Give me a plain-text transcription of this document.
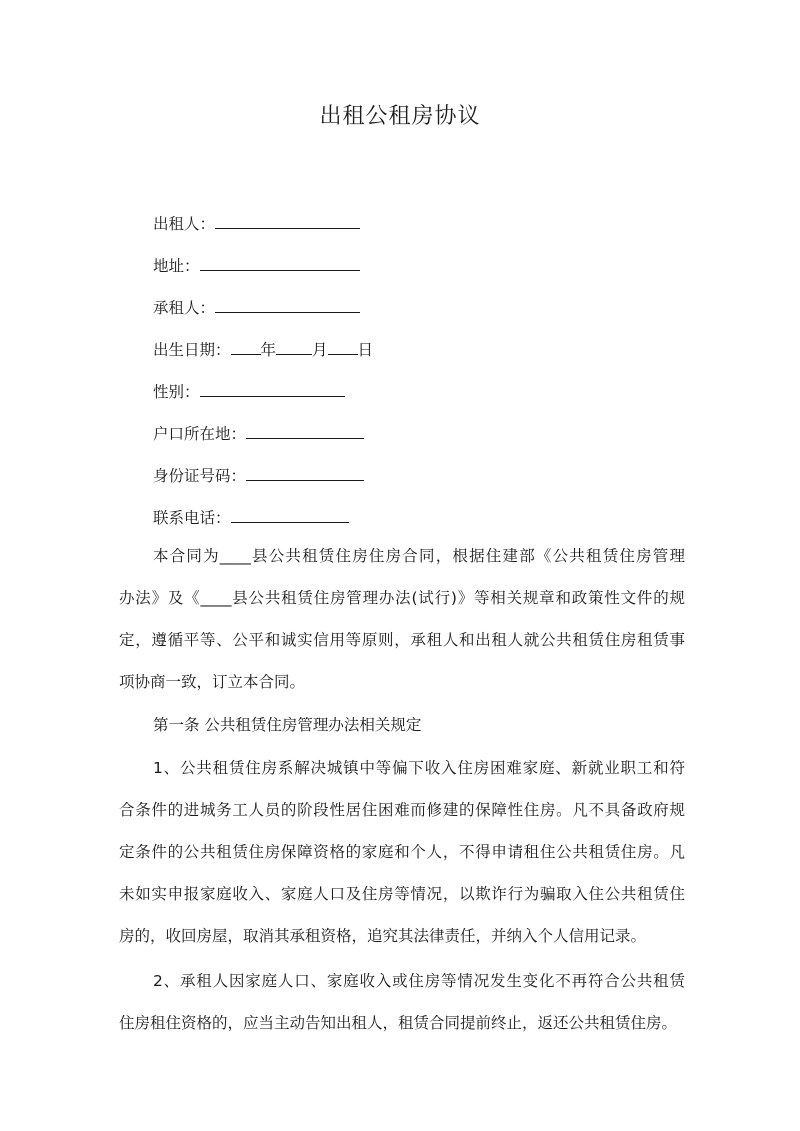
出租公租房协议
出租人：
地址：
承租人：
出生日期： 年 月 日
性别：
户口所在地：
身份证号码：
联系电话：
本合同为____县公共租赁住房住房合同，根据住建部《公共租赁住房管理
办法》及《____县公共租赁住房管理办法(试行)》等相关规章和政策性文件的规
定，遵循平等、公平和诚实信用等原则，承租人和出租人就公共租赁住房租赁事
项协商一致，订立本合同。
第一条 公共租赁住房管理办法相关规定
1、公共租赁住房系解决城镇中等偏下收入住房困难家庭、新就业职工和符
合条件的进城务工人员的阶段性居住困难而修建的保障性住房。凡不具备政府规
定条件的公共租赁住房保障资格的家庭和个人，不得申请租住公共租赁住房。凡
未如实申报家庭收入、家庭人口及住房等情况，以欺诈行为骗取入住公共租赁住
房的，收回房屋，取消其承租资格，追究其法律责任，并纳入个人信用记录。
2、承租人因家庭人口、家庭收入或住房等情况发生变化不再符合公共租赁
住房租住资格的，应当主动告知出租人，租赁合同提前终止，返还公共租赁住房。
